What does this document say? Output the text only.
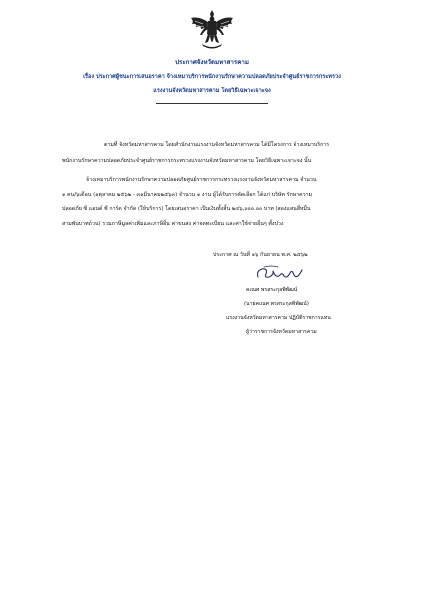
ประกาศจังหวัดมหาสารคาม
เรื่อง ประกาศผู้ชนะการเสนอราคา จ้างเหมาบริการพนักงานรักษาความปลอดภัยประจำศูนย์ราชการกระทรวง
แรงงานจังหวัดมหาสารคาม โดยวิธีเฉพาะเจาะจง
ตามที่ จังหวัดมหาสารคาม โดยสำนักงานแรงงานจังหวัดมหาสารคาม ได้มีโครงการ จ้างเหมาบริการ
พนักงานรักษาความปลอดภัยประจำศูนย์ราชการกระทรวงแรงงานจังหวัดมหาสารคาม โดยวิธีเฉพาะเจาะจง นั้น
จ้างเหมาบริการพนักงานรักษาความปลอดภัยศูนย์ราชการกระทรวงแรงงานจังหวัดมหาสารคาม จำนวน
๑ คน/๖เดือน (๑ตุลาคม ๒๕๖๒ - ๓๑มีนาคม๒๕๖๓) จำนวน ๑ งาน ผู้ได้รับการคัดเลือก ได้แก่ บริษัท รักษาความ
ปลอดภัย ซี แอนด์ ซี การ์ด จำกัด (ให้บริการ) โดยเสนอราคา เป็นเงินทั้งสิ้น ๒๔๖,๐๐๐.๐๐ บาท (สองแสนสี่หมื่น
สามพันบาทถ้วน) รวมภาษีมูลค่าเพิ่มและภาษีอื่น ค่าขนส่ง ค่าจดทะเบียน และค่าใช้จ่ายอื่นๆ ทั้งปวง
ประกาศ ณ วันที่ ๑๖ กันยายน พ.ศ. ๒๕๖๒
คเณศ พรสระกุลพิพัฒน์
(นายคเณศ พรสระกุลพิพัฒน์)
แรงงานจังหวัดมหาสารคาม ปฏิบัติราชการแทน
ผู้ว่าราชการจังหวัดมหาสารคาม
